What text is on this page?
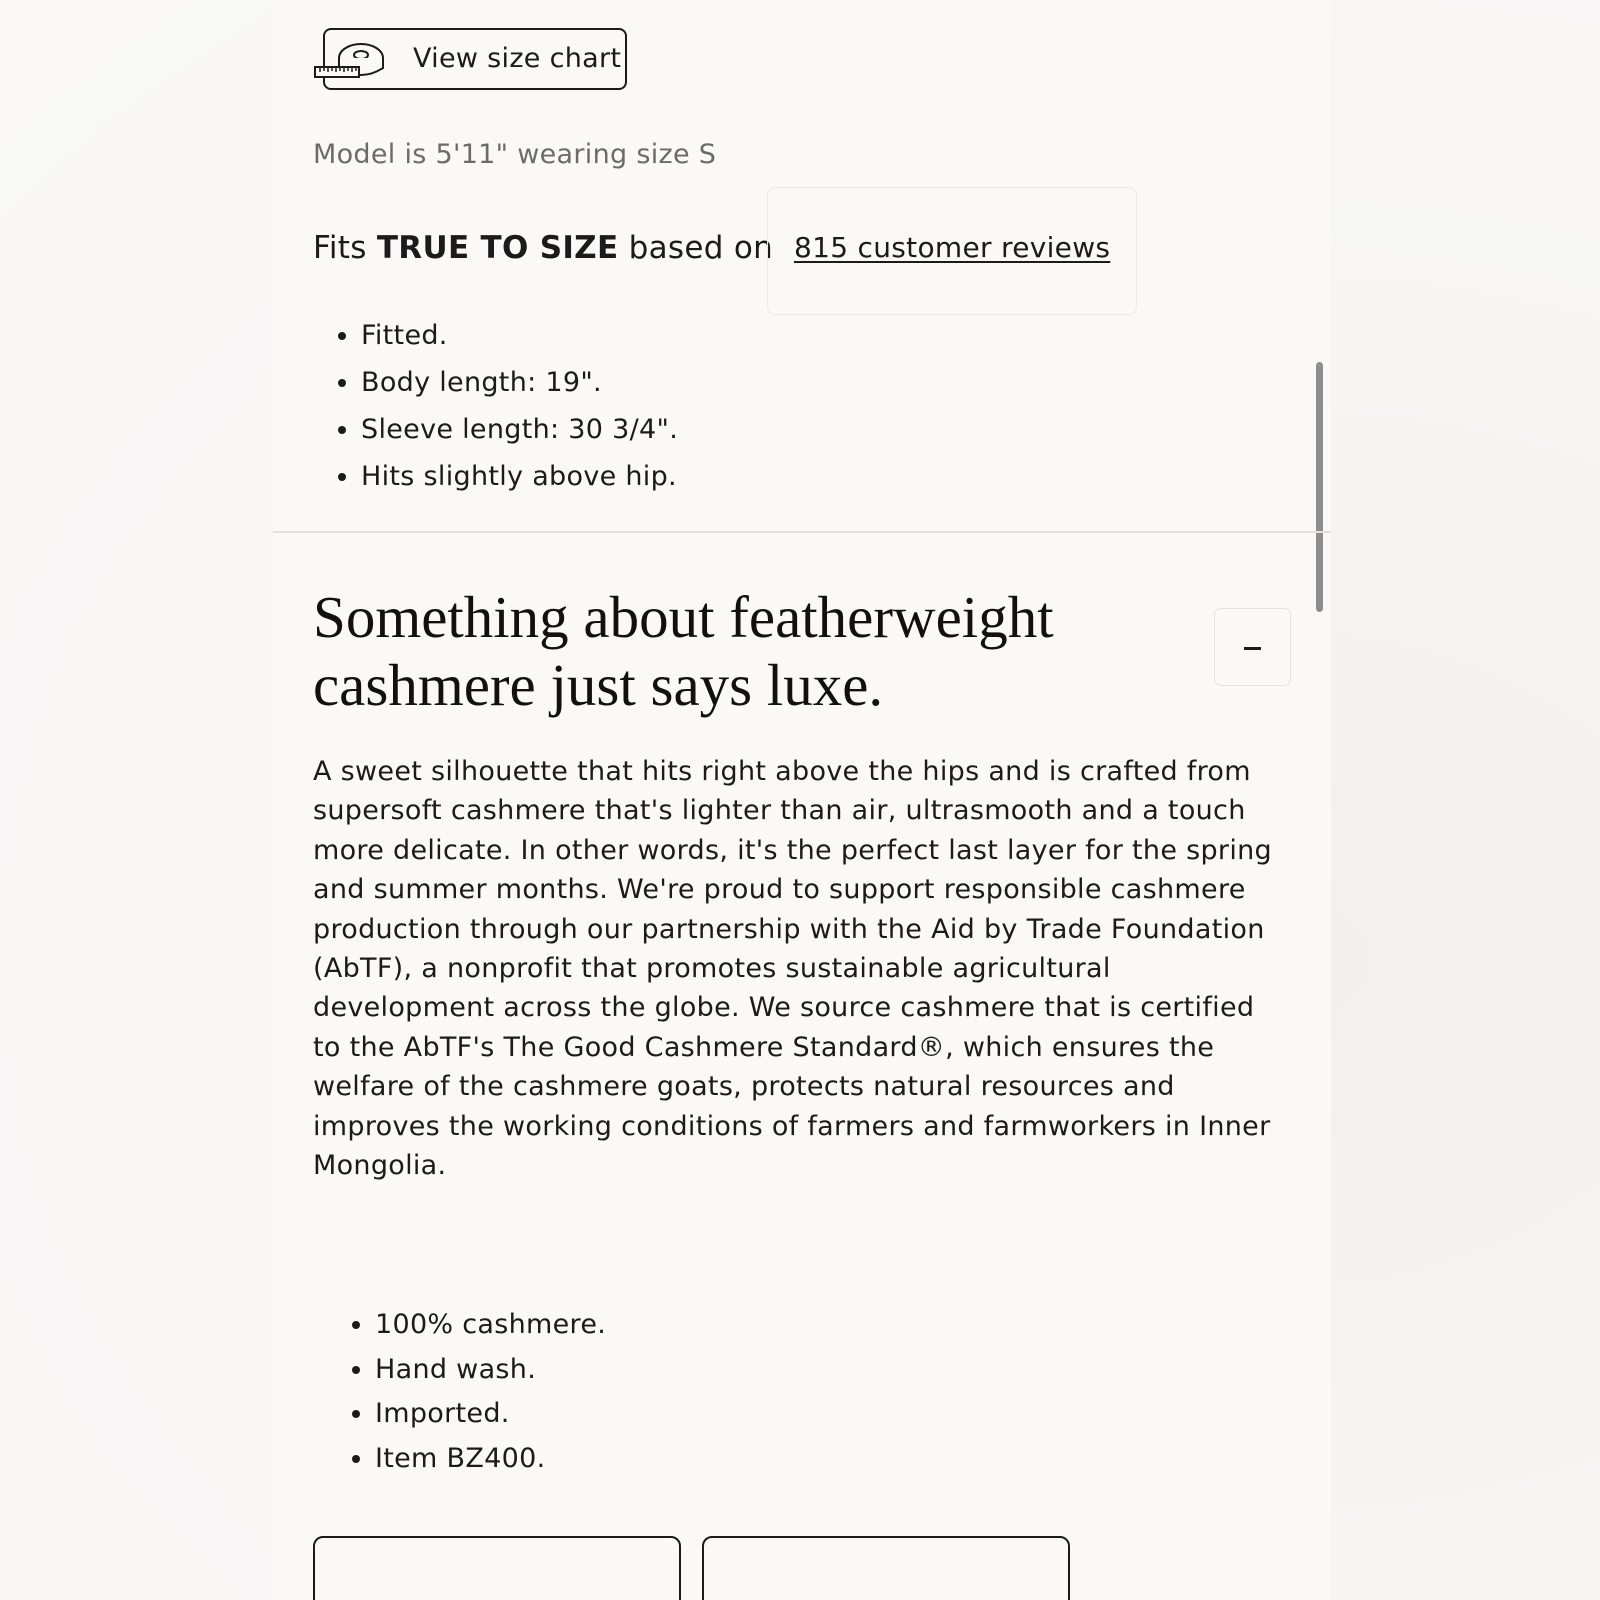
View size chart
Model is 5'11" wearing size S
Fits TRUE TO SIZE based on 815 customer reviews
• Fitted.
• Body length: 19".
• Sleeve length: 30 3/4".
• Hits slightly above hip.
Something about featherweight cashmere just says luxe.

A sweet silhouette that hits right above the hips and is crafted from supersoft cashmere that's lighter than air, ultrasmooth and a touch more delicate. In other words, it's the perfect last layer for the spring and summer months. We're proud to support responsible cashmere production through our partnership with the Aid by Trade Foundation (AbTF), a nonprofit that promotes sustainable agricultural development across the globe. We source cashmere that is certified to the AbTF's The Good Cashmere Standard®, which ensures the welfare of the cashmere goats, protects natural resources and improves the working conditions of farmers and farmworkers in Inner Mongolia.

• 100% cashmere.
• Hand wash.
• Imported.
• Item BZ400.
